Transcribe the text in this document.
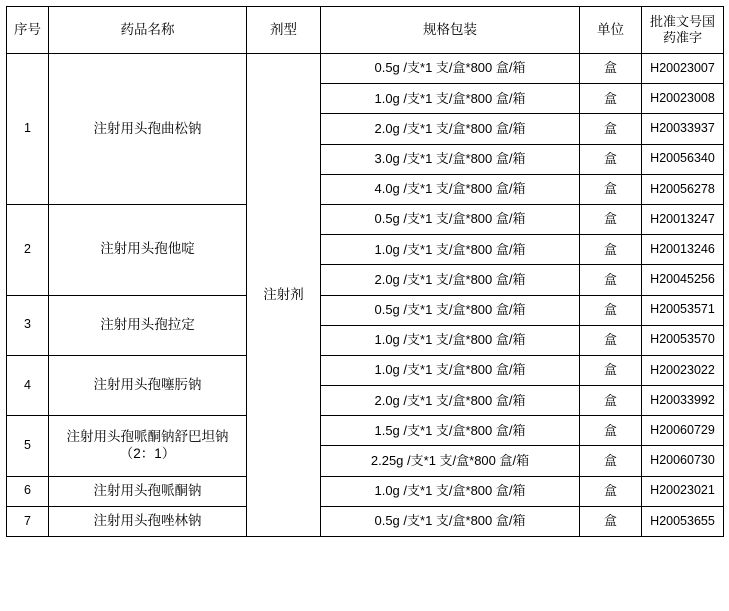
序号	药品名称	剂型	规格包装	单位	批准文号国
药准字
1	注射用头孢曲松钠	注射剂	0.5g /支*1 支/盒*800 盒/箱	盒	H20023007
			1.0g /支*1 支/盒*800 盒/箱	盒	H20023008
			2.0g /支*1 支/盒*800 盒/箱	盒	H20033937
			3.0g /支*1 支/盒*800 盒/箱	盒	H20056340
			4.0g /支*1 支/盒*800 盒/箱	盒	H20056278
2	注射用头孢他啶		0.5g /支*1 支/盒*800 盒/箱	盒	H20013247
			1.0g /支*1 支/盒*800 盒/箱	盒	H20013246
			2.0g /支*1 支/盒*800 盒/箱	盒	H20045256
3	注射用头孢拉定		0.5g /支*1 支/盒*800 盒/箱	盒	H20053571
			1.0g /支*1 支/盒*800 盒/箱	盒	H20053570
4	注射用头孢噻肟钠		1.0g /支*1 支/盒*800 盒/箱	盒	H20023022
			2.0g /支*1 支/盒*800 盒/箱	盒	H20033992
5	注射用头孢哌酮钠舒巴坦钠
（2：1）		1.5g /支*1 支/盒*800 盒/箱	盒	H20060729
			2.25g /支*1 支/盒*800 盒/箱	盒	H20060730
6	注射用头孢哌酮钠		1.0g /支*1 支/盒*800 盒/箱	盒	H20023021
7	注射用头孢唑林钠		0.5g /支*1 支/盒*800 盒/箱	盒	H20053655
